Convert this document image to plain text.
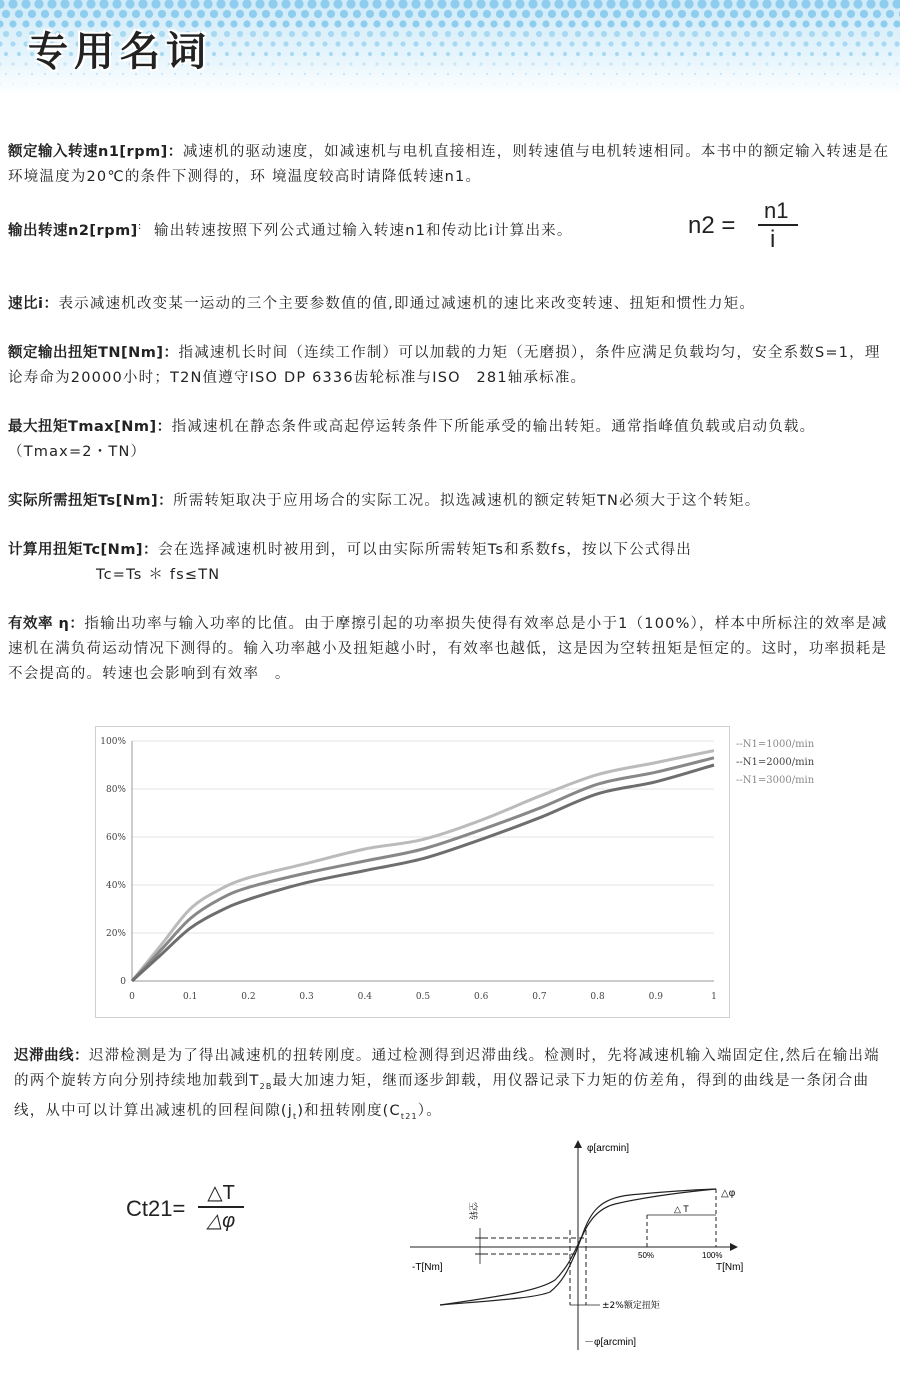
专用名词

额定输入转速n1[rpm]：减速机的驱动速度，如减速机与电机直接相连，则转速值与电机转速相同。本书中的额定输入转速是在环境温度为20℃的条件下测得的，环 境温度较高时请降低转速n1。

输出转速n2[rpm]: 输出转速按照下列公式通过输入转速n1和传动比i计算出来。	n2 =
n1
i

速比i：表示减速机改变某一运动的三个主要参数值的值,即通过减速机的速比来改变转速、扭矩和惯性力矩。

额定输出扭矩TN[Nm]：指减速机长时间（连续工作制）可以加载的力矩（无磨损），条件应满足负载均匀，安全系数S=1，理论寿命为20000小时；T2N值遵守ISO DP 6336齿轮标准与ISO　281轴承标准。

最大扭矩Tmax[Nm]：指减速机在静态条件或高起停运转条件下所能承受的输出转矩。通常指峰值负载或启动负载。（Tmax=2・TN）

实际所需扭矩Ts[Nm]：所需转矩取决于应用场合的实际工况。拟选减速机的额定转矩TN必须大于这个转矩。

计算用扭矩Tc[Nm]：会在选择减速机时被用到，可以由实际所需转矩Ts和系数fs，按以下公式得出
Tc=Ts ＊ fs≤TN

有效率 η：指输出功率与输入功率的比值。由于摩擦引起的功率损失使得有效率总是小于1（100%），样本中所标注的效率是减速机在满负荷运动情况下测得的。输入功率越小及扭矩越小时，有效率也越低，这是因为空转扭矩是恒定的。这时，功率损耗是不会提高的。转速也会影响到有效率　。

0
20%
40%
60%
80%
100%
0	0.1	0.2	0.3	0.4	0.5	0.6	0.7	0.8	0.9	1
--N1=1000/min
--N1=2000/min
--N1=3000/min

迟滞曲线：迟滞检测是为了得出减速机的扭转刚度。通过检测得到迟滞曲线。检测时，先将减速机输入端固定住,然后在输出端的两个旋转方向分别持续地加载到$T_{2B}$最大加速力矩，继而逐步卸载，用仪器记录下力矩的仿差角，得到的曲线是一条闭合曲线，从中可以计算出减速机的回程间隙$(j_t)$和扭转刚度$(C_{t21})$。

Ct21=
△T
△φ
φ[arcmin]
－φ[arcmin]
-T[Nm]	T[Nm]
50%	100%
△ T
△φ
空转
±2%额定扭矩
